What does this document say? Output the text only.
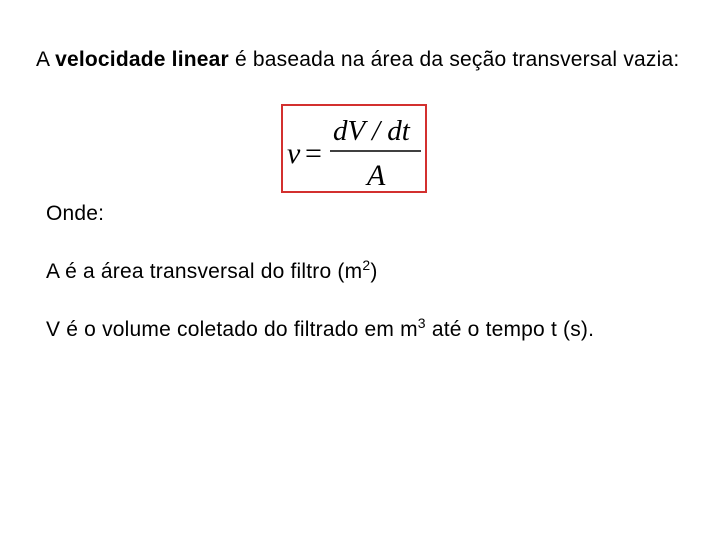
A velocidade linear é baseada na área da seção transversal vazia:
v =
dV / dt
A
Onde:
A é a área transversal do filtro $(m^2)$
V é o volume coletado do filtrado em $m^3$ até o tempo t (s).
